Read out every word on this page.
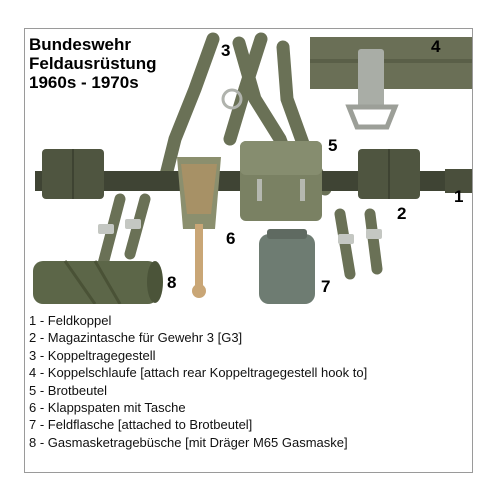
Bundeswehr
Feldausrüstung
1960s - 1970s
1
2
3	4
5
6
7
8
1 - Feldkoppel
2 - Magazintasche für Gewehr 3 [G3]
3 - Koppeltragegestell
4 - Koppelschlaufe [attach rear Koppeltragegestell hook to]
5 - Brotbeutel
6 - Klappspaten mit Tasche
7 - Feldflasche [attached to Brotbeutel]
8 - Gasmasketragebüsche [mit Dräger M65 Gasmaske]
